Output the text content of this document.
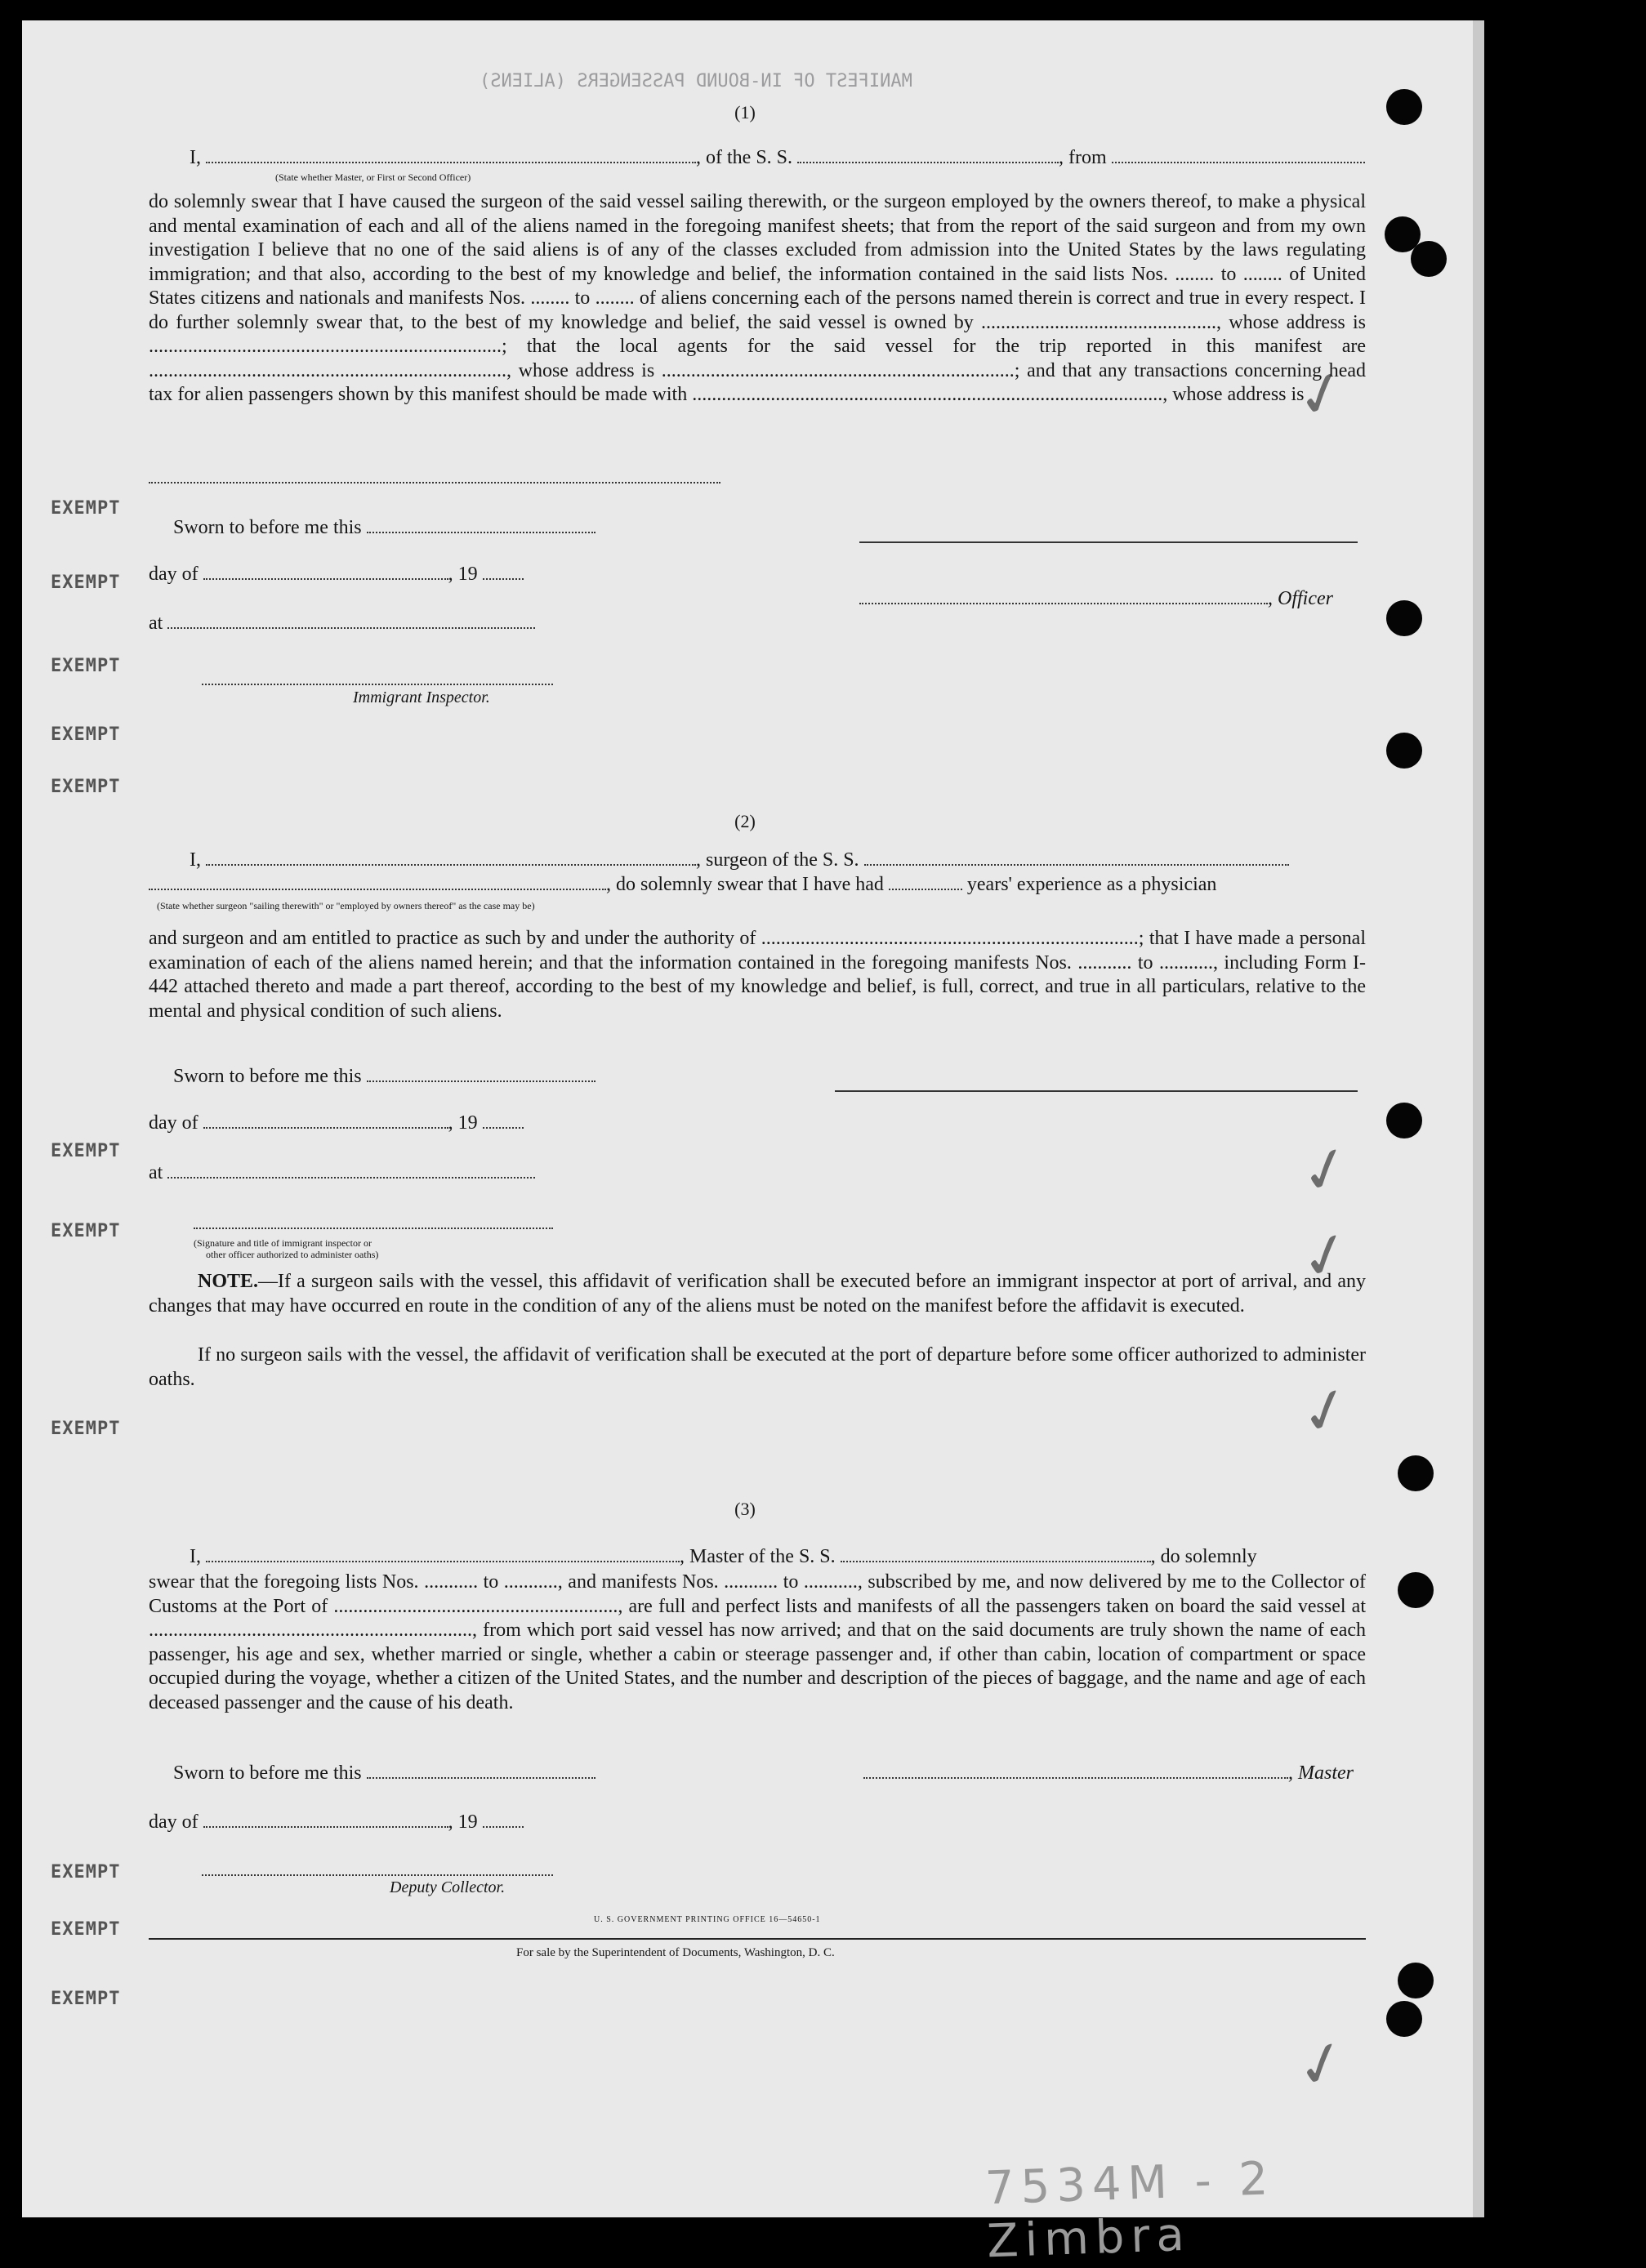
MANIFEST OF IN-BOUND PASSENGERS (ALIENS)
EXEMPT
EXEMPT
EXEMPT
EXEMPT
EXEMPT
EXEMPT
EXEMPT
EXEMPT
EXEMPT
EXEMPT
EXEMPT
✓
✓
✓
✓
✓
(1)
I,	, of the S. S.	, from
(State whether Master, or First or Second Officer)
do solemnly swear that I have caused the surgeon of the said vessel sailing therewith, or the surgeon employed by the owners thereof, to make a physical and mental examination of each and all of the aliens named in the foregoing manifest sheets; that from the report of the said surgeon and from my own investigation I believe that no one of the said aliens is of any of the classes excluded from admission into the United States by the laws regulating immigration; and that also, according to the best of my knowledge and belief, the information contained in the said lists Nos. ........ to ........ of United States citizens and nationals and manifests Nos. ........ to ........ of aliens concerning each of the persons named therein is correct and true in every respect. I do further solemnly swear that, to the best of my knowledge and belief, the said vessel is owned by ................................................, whose address is ........................................................................; that the local agents for the said vessel for the trip reported in this manifest are ........................................................................., whose address is ........................................................................; and that any transactions concerning head tax for alien passengers shown by this manifest should be made with ................................................................................................, whose address is
Sworn to before me this
day of	, 19
, Officer
at
Immigrant Inspector.
(2)
I,	, surgeon of the S. S.
, do solemnly swear that I have had	years' experience as a physician
(State whether surgeon "sailing therewith" or "employed by owners thereof" as the case may be)
and surgeon and am entitled to practice as such by and under the authority of .............................................................................; that I have made a personal examination of each of the aliens named herein; and that the information contained in the foregoing manifests Nos. ........... to ..........., including Form I-442 attached thereto and made a part thereof, according to the best of my knowledge and belief, is full, correct, and true in all particulars, relative to the mental and physical condition of such aliens.
Sworn to before me this
day of	, 19
at
(Signature and title of immigrant inspector or
other officer authorized to administer oaths)
NOTE.—If a surgeon sails with the vessel, this affidavit of verification shall be executed before an immigrant inspector at port of arrival, and any changes that may have occurred en route in the condition of any of the aliens must be noted on the manifest before the affidavit is executed.
If no surgeon sails with the vessel, the affidavit of verification shall be executed at the port of departure before some officer authorized to administer oaths.
(3)
I,	, Master of the S. S.	, do solemnly
swear that the foregoing lists Nos. ........... to ..........., and manifests Nos. ........... to ..........., subscribed by me, and now delivered by me to the Collector of Customs at the Port of .........................................................., are full and perfect lists and manifests of all the passengers taken on board the said vessel at .................................................................., from which port said vessel has now arrived; and that on the said documents are truly shown the name of each passenger, his age and sex, whether married or single, whether a cabin or steerage passenger and, if other than cabin, location of compartment or space occupied during the voyage, whether a citizen of the United States, and the number and description of the pieces of baggage, and the name and age of each deceased passenger and the cause of his death.
Sworn to before me this	, Master
day of	, 19
Deputy Collector.
U. S. GOVERNMENT PRINTING OFFICE 16—54650-1
For sale by the Superintendent of Documents, Washington, D. C.
7534M - 2 Zimbra
